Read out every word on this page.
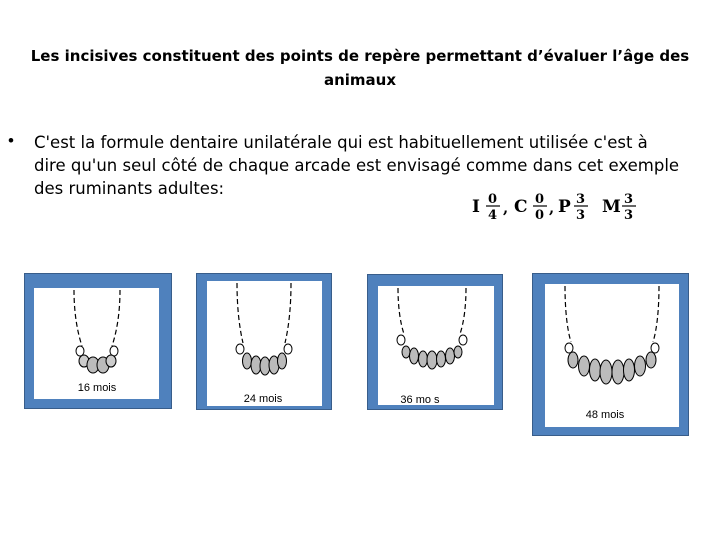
Les incisives constituent des points de repère permettant d’évaluer l’âge des animaux
• C'est la formule dentaire unilatérale qui est habituellement utilisée c'est à dire qu'un seul côté de chaque arcade est envisagé comme dans cet exemple des ruminants adultes:
I 0
4 , C 0
0 , P 3
3 M 3
3
16 mois
24 mois	36 mo s
48 mois
